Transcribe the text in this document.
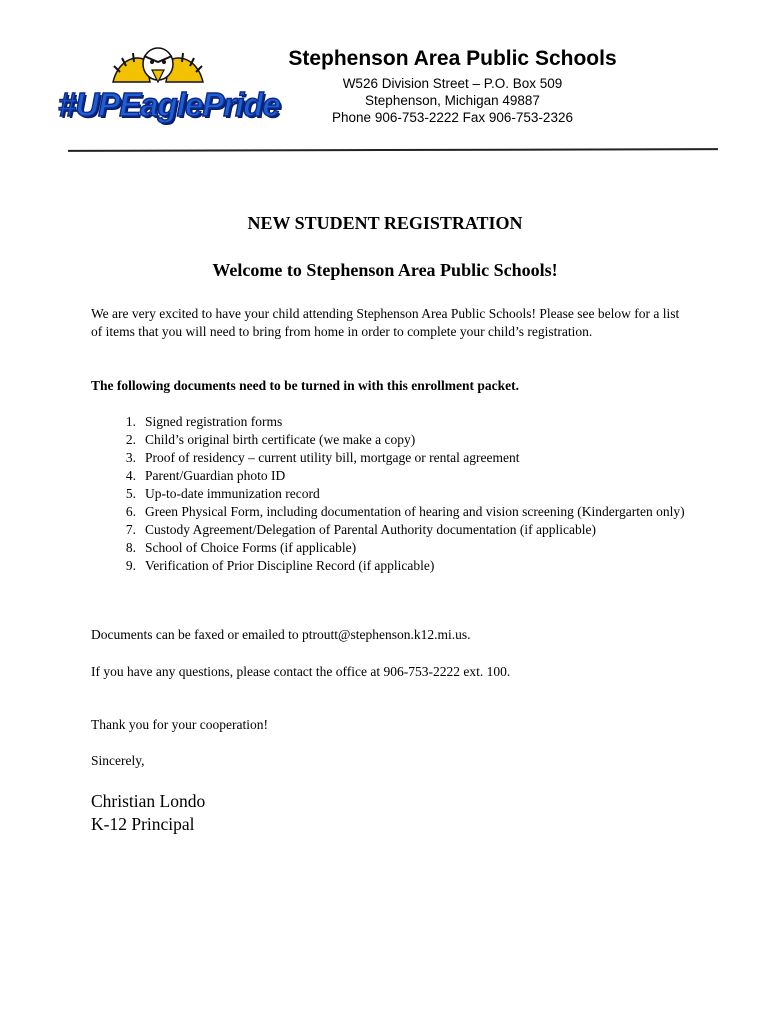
#UPEaglePride
Stephenson Area Public Schools
W526 Division Street – P.O. Box 509
Stephenson, Michigan 49887
Phone 906-753-2222 Fax 906-753-2326
NEW STUDENT REGISTRATION
Welcome to Stephenson Area Public Schools!
We are very excited to have your child attending Stephenson Area Public Schools! Please see below for a list of items that you will need to bring from home in order to complete your child’s registration.
The following documents need to be turned in with this enrollment packet.
1. Signed registration forms
2. Child’s original birth certificate (we make a copy)
3. Proof of residency – current utility bill, mortgage or rental agreement
4. Parent/Guardian photo ID
5. Up-to-date immunization record
6. Green Physical Form, including documentation of hearing and vision screening (Kindergarten only)
7. Custody Agreement/Delegation of Parental Authority documentation (if applicable)
8. School of Choice Forms (if applicable)
9. Verification of Prior Discipline Record (if applicable)
Documents can be faxed or emailed to ptroutt@stephenson.k12.mi.us.
If you have any questions, please contact the office at 906-753-2222 ext. 100.
Thank you for your cooperation!
Sincerely,
Christian Londo
K-12 Principal
